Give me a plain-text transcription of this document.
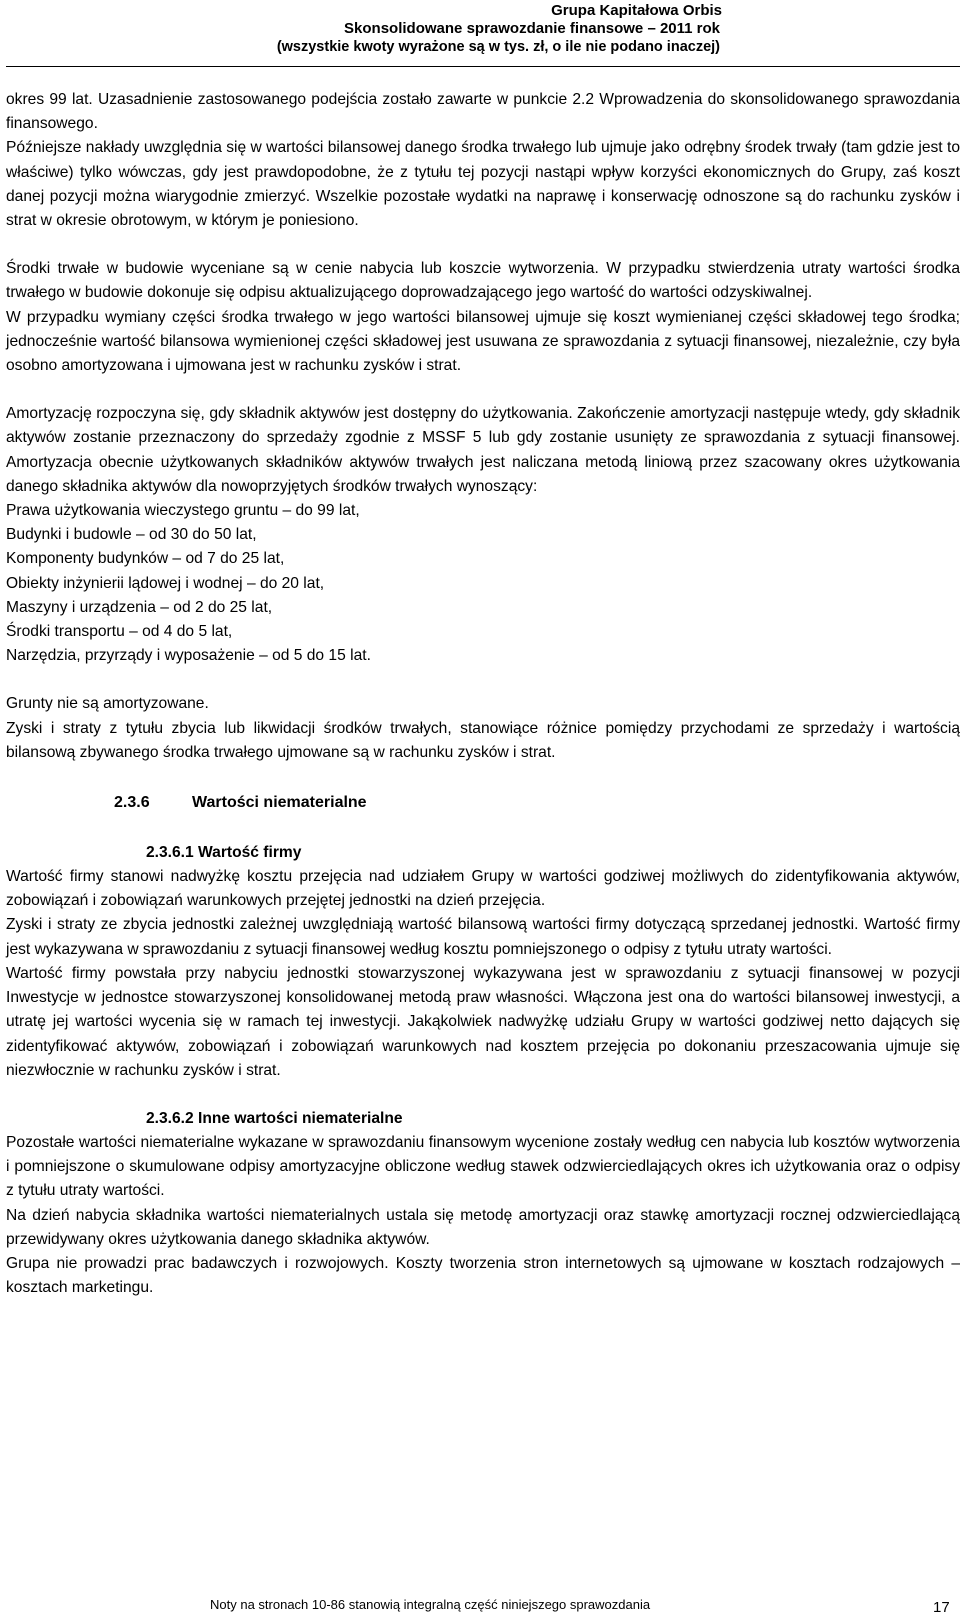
Grupa Kapitałowa Orbis
Skonsolidowane sprawozdanie finansowe – 2011 rok
(wszystkie kwoty wyrażone są w tys. zł, o ile nie podano inaczej)

okres 99 lat. Uzasadnienie zastosowanego podejścia zostało zawarte w punkcie 2.2 Wprowadzenia do skonsolidowanego sprawozdania finansowego.

Późniejsze nakłady uwzględnia się w wartości bilansowej danego środka trwałego lub ujmuje jako odrębny środek trwały (tam gdzie jest to właściwe) tylko wówczas, gdy jest prawdopodobne, że z tytułu tej pozycji nastąpi wpływ korzyści ekonomicznych do Grupy, zaś koszt danej pozycji można wiarygodnie zmierzyć. Wszelkie pozostałe wydatki na naprawę i konserwację odnoszone są do rachunku zysków i strat w okresie obrotowym, w którym je poniesiono.

Środki trwałe w budowie wyceniane są w cenie nabycia lub koszcie wytworzenia. W przypadku stwierdzenia utraty wartości środka trwałego w budowie dokonuje się odpisu aktualizującego doprowadzającego jego wartość do wartości odzyskiwalnej.

W przypadku wymiany części środka trwałego w jego wartości bilansowej ujmuje się koszt wymienianej części składowej tego środka; jednocześnie wartość bilansowa wymienionej części składowej jest usuwana ze sprawozdania z sytuacji finansowej, niezależnie, czy była osobno amortyzowana i ujmowana jest w rachunku zysków i strat.

Amortyzację rozpoczyna się, gdy składnik aktywów jest dostępny do użytkowania. Zakończenie amortyzacji następuje wtedy, gdy składnik aktywów zostanie przeznaczony do sprzedaży zgodnie z MSSF 5 lub gdy zostanie usunięty ze sprawozdania z sytuacji finansowej. Amortyzacja obecnie użytkowanych składników aktywów trwałych jest naliczana metodą liniową przez szacowany okres użytkowania danego składnika aktywów dla nowoprzyjętych środków trwałych wynoszący:

Prawa użytkowania wieczystego gruntu – do 99 lat,
Budynki i budowle – od 30 do 50 lat,
Komponenty budynków – od 7 do 25 lat,
Obiekty inżynierii lądowej i wodnej – do 20 lat,
Maszyny i urządzenia – od 2 do 25 lat,
Środki transportu – od 4 do 5 lat,
Narzędzia, przyrządy i wyposażenie – od 5 do 15 lat.

Grunty nie są amortyzowane.

Zyski i straty z tytułu zbycia lub likwidacji środków trwałych, stanowiące różnice pomiędzy przychodami ze sprzedaży i wartością bilansową zbywanego środka trwałego ujmowane są w rachunku zysków i strat.

2.3.6	Wartości niematerialne
2.3.6.1 Wartość firmy

Wartość firmy stanowi nadwyżkę kosztu przejęcia nad udziałem Grupy w wartości godziwej możliwych do zidentyfikowania aktywów, zobowiązań i zobowiązań warunkowych przejętej jednostki na dzień przejęcia.

Zyski i straty ze zbycia jednostki zależnej uwzględniają wartość bilansową wartości firmy dotyczącą sprzedanej jednostki. Wartość firmy jest wykazywana w sprawozdaniu z sytuacji finansowej według kosztu pomniejszonego o odpisy z tytułu utraty wartości.

Wartość firmy powstała przy nabyciu jednostki stowarzyszonej wykazywana jest w sprawozdaniu z sytuacji finansowej w pozycji Inwestycje w jednostce stowarzyszonej konsolidowanej metodą praw własności. Włączona jest ona do wartości bilansowej inwestycji, a utratę jej wartości wycenia się w ramach tej inwestycji. Jakąkolwiek nadwyżkę udziału Grupy w wartości godziwej netto dających się zidentyfikować aktywów, zobowiązań i zobowiązań warunkowych nad kosztem przejęcia po dokonaniu przeszacowania ujmuje się niezwłocznie w rachunku zysków i strat.

2.3.6.2 Inne wartości niematerialne

Pozostałe wartości niematerialne wykazane w sprawozdaniu finansowym wycenione zostały według cen nabycia lub kosztów wytworzenia i pomniejszone o skumulowane odpisy amortyzacyjne obliczone według stawek odzwierciedlających okres ich użytkowania oraz o odpisy z tytułu utraty wartości.

Na dzień nabycia składnika wartości niematerialnych ustala się metodę amortyzacji oraz stawkę amortyzacji rocznej odzwierciedlającą przewidywany okres użytkowania danego składnika aktywów.

Grupa nie prowadzi prac badawczych i rozwojowych. Koszty tworzenia stron internetowych są ujmowane w kosztach rodzajowych – kosztach marketingu.

Noty na stronach 10-86 stanowią integralną część niniejszego sprawozdania	17
